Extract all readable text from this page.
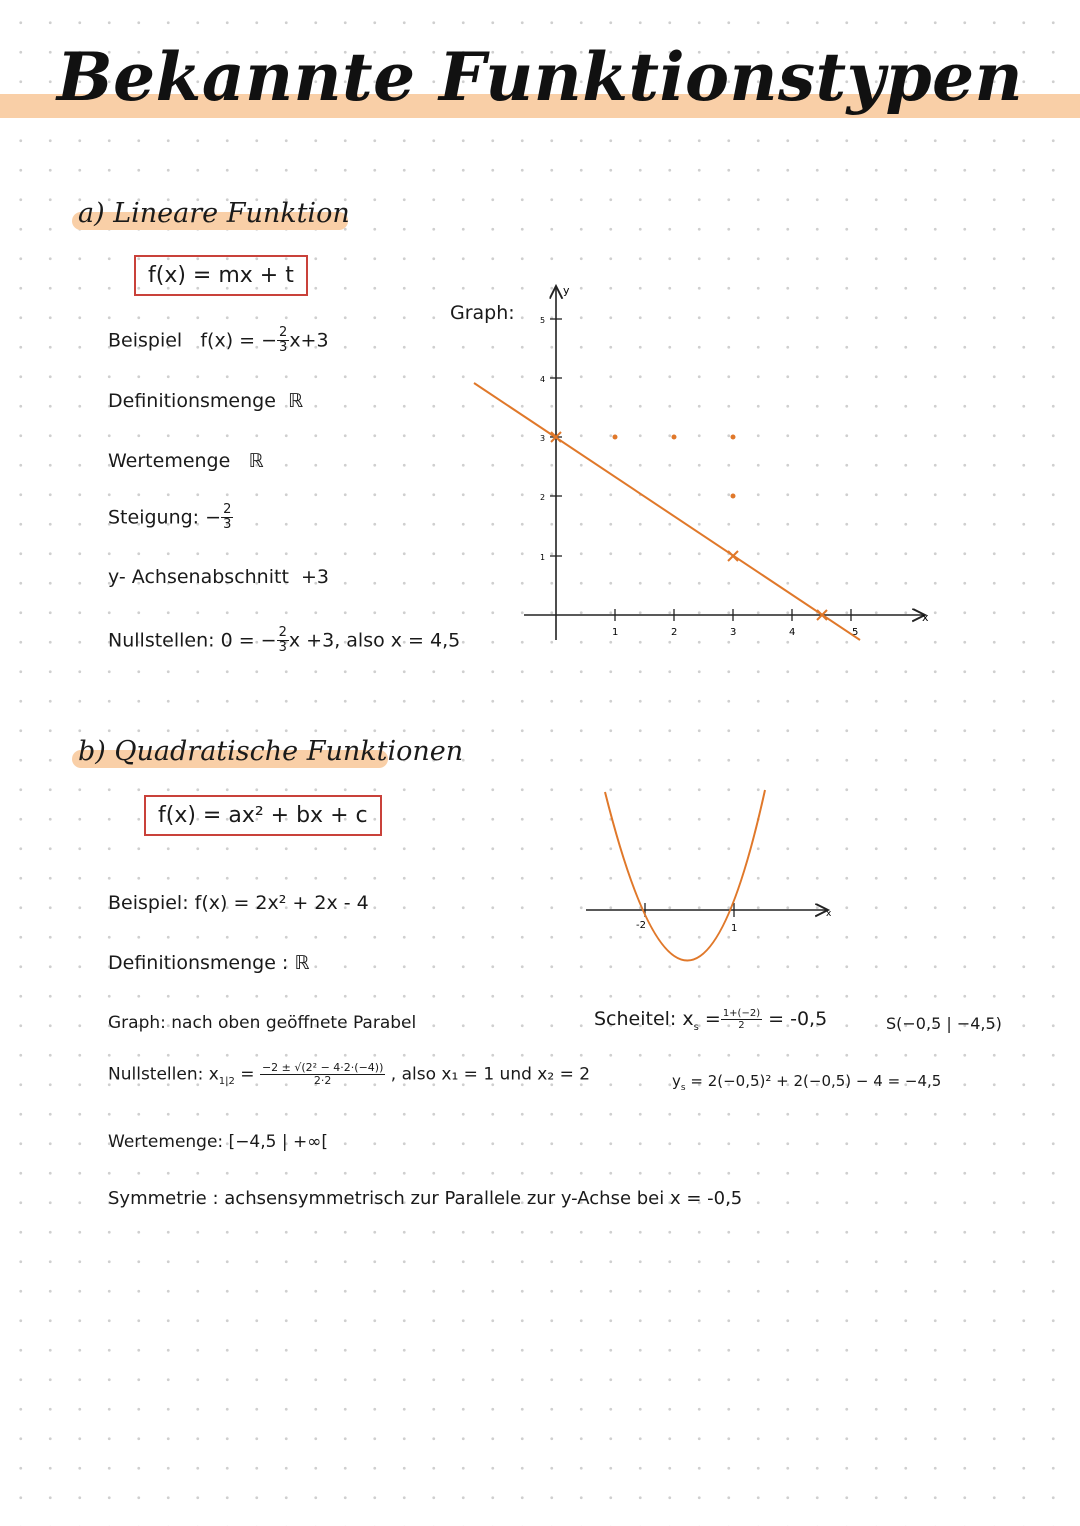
Bekannte Funktionstypen
a) Lineare Funktion
f(x) = mx + t
Beispiel f(x) = − $\frac{2}{3} x+3$
Definitionsmenge ℝ
Wertemenge ℝ
Steigung: − $\frac{2}{3}$
y- Achsenabschnitt +3
Nullstellen: 0 = − $\frac{2}{3}$ x +3, also x = 4,5
Graph:
x
y
1	2	3	4	5
1
2
3
4
5
b) Quadratische Funktionen
f(x) = ax² + bx + c
Beispiel: f(x) = 2x² + 2x - 4
Definitionsmenge : ℝ
Graph: nach oben geöffnete Parabel
Nullstellen: $x_{1|2} = \frac{\text{−2 ± √(2² − 4·2·(−4))}}{2\cdot 2}$ , also x₁ = 1 und x₂ = 2
Wertemenge: [−4,5 | +∞[
Symmetrie : achsensymmetrisch zur Parallele zur y-Achse bei x = -0,5
Scheitel: $x_s = \frac{1+(-2)}{2} = -0,5$	S(−0,5 | −4,5)
$y_s = 2(-0,5)^2 + 2(-0,5) - 4 = -4,5$
x
-2	1
